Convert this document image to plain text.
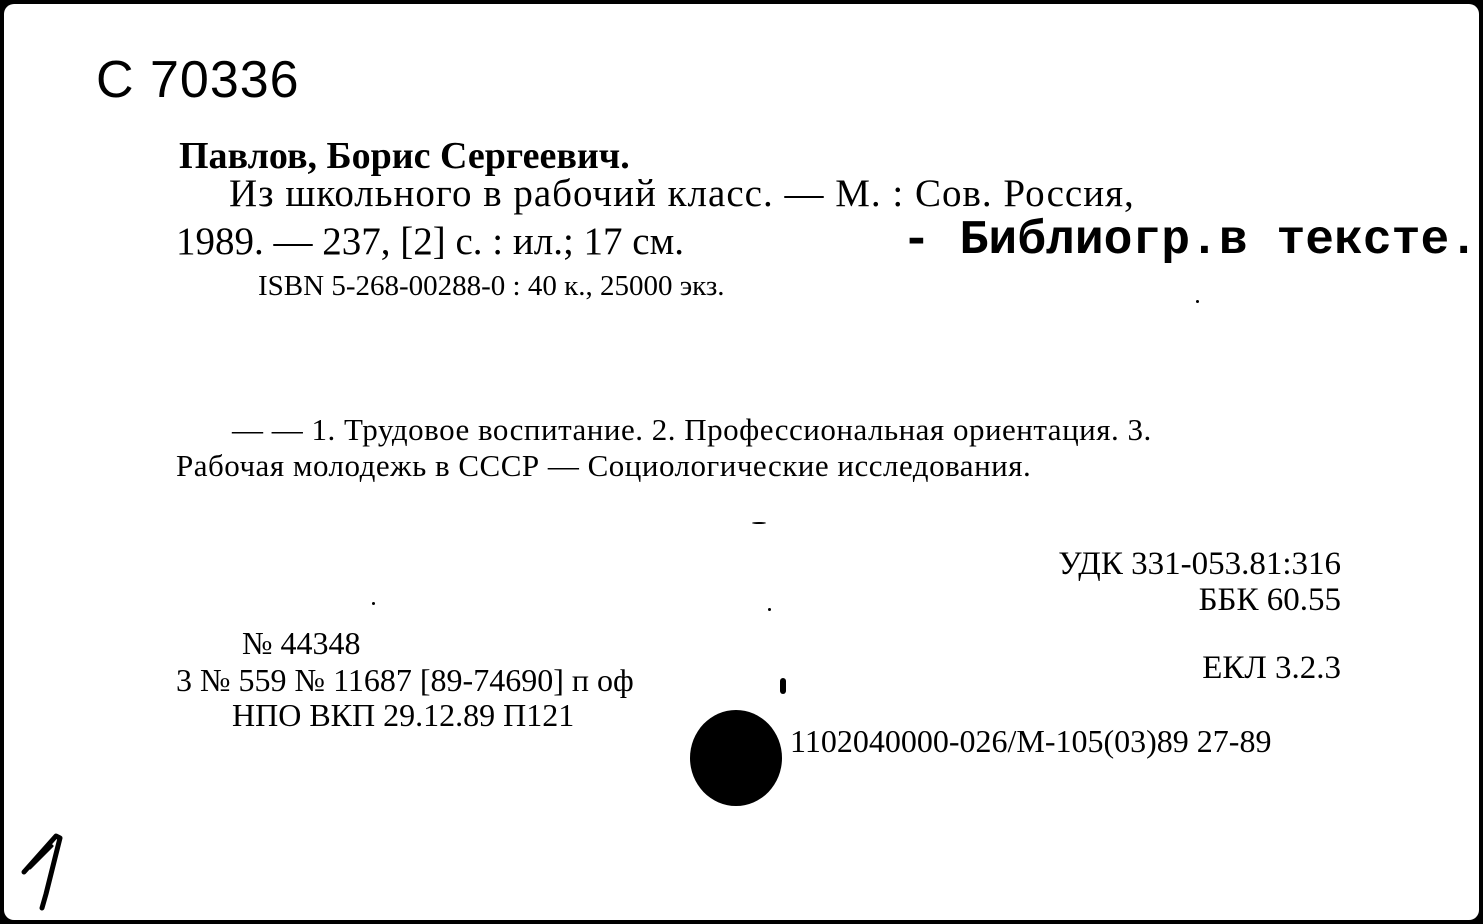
С 70336
Павлов, Борис Сергеевич.
Из школьного в рабочий класс. — М. : Сов. Россия,
1989. — 237, [2] с. : ил.; 17 см.	- Библиогр.в тексте.
ISBN 5-268-00288-0 : 40 к., 25000 экз.
— — 1. Трудовое воспитание. 2. Профессиональная ориентация. 3.
Рабочая молодежь в СССР — Социологические исследования.
УДК 331-053.81:316
ББК 60.55
ЕКЛ 3.2.3
№ 44348
3 № 559 № 11687 [89-74690] п оф
НПО ВКП 29.12.89 П121
1102040000-026/М-105(03)89 27-89
